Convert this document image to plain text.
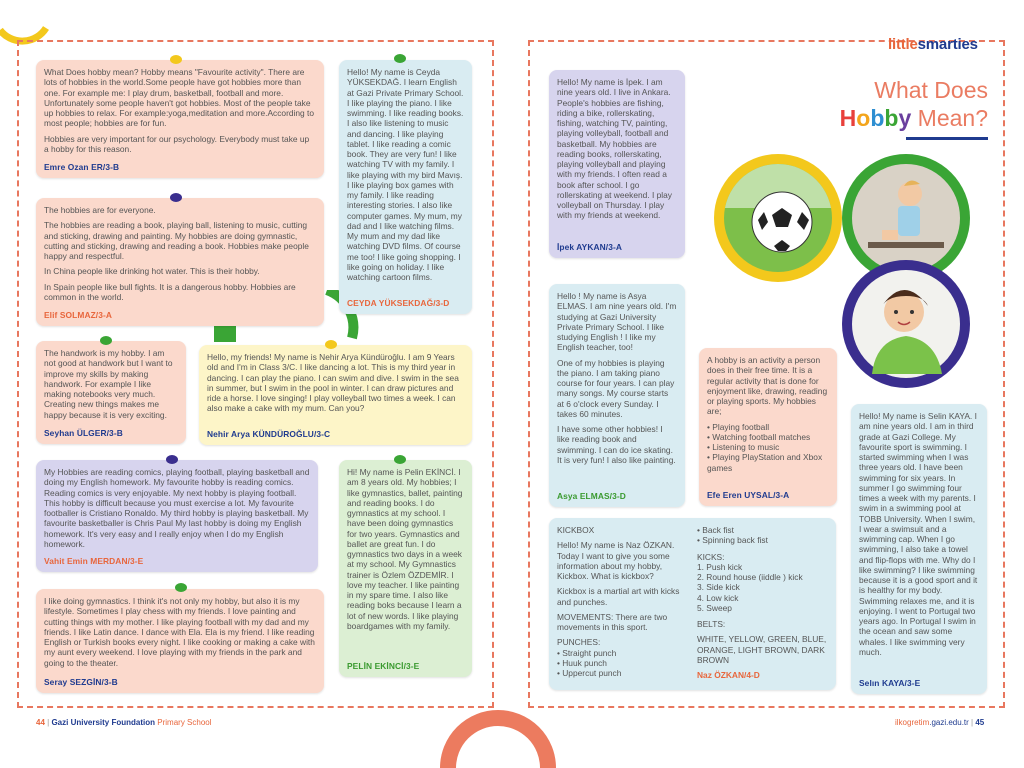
What Does hobby mean? Hobby means "Favourite activity". There are lots of hobbies in the world.Some people have got hobbies more than one. For example me: I play drum, basketball, football and more. Unfortunately some people haven't got hobbies. Most of the people take up hobbies to relax. For example:yoga,meditation and more.According to most people; hobbies are for fun.

Hobbies are very important for our psychology. Everybody must take up a hobby for this reason.

Emre Ozan ER/3-B

The hobbies are for everyone.

The hobbies are reading a book, playing ball, listening to music, cutting and sticking, drawing and painting. My hobbies are doing gymnastic, cutting and sticking, drawing and reading a book. Hobbies make people happy and respectful.

In China people like drinking hot water. This is their hobby.

In Spain people like bull fights. It is a dangerous hobby. Hobbies are common in the world.

Elif SOLMAZ/3-A

Hello! My name is Ceyda YÜKSEKDAĞ. I learn English at Gazi Private Primary School. I like playing the piano. I like swimming. I like reading books. I also like listening to music and dancing. I like playing tablet. I like reading a comic book. They are very fun! I like watching TV with my family. I like playing with my bird Mavış. I like playing box games with my family. I like reading interesting stories. I also like computer games. My mum, my dad and I like watching films. My mum and my dad like watching DVD films. Of course me too! I like going shopping. I like going on holiday. I like watching cartoon films.

CEYDA YÜKSEKDAĞ/3-D

The handwork is my hobby. I am not good at handwork but I want to improve my skills by making handwork. For example I like making notebooks very much. Creating new things makes me happy because it is very exciting.

Seyhan ÜLGER/3-B

Hello, my friends! My name is Nehir Arya Kündüroğlu. I am 9 Years old and I'm in Class 3/C. I like dancing a lot. This is my third year in dancing. I can play the piano. I can swim and dive. I swim in the sea in summer, but I swim in the pool in winter. I can draw pictures and ride a horse. I love singing! I play volleyball two times a week. I can also make a cake with my mum. Can you?

Nehir Arya KÜNDÜROĞLU/3-C

My Hobbies are reading comics, playing football, playing basketball and doing my English homework. My favourite hobby is reading comics. Reading comics is very enjoyable. My next hobby is playing football. This hobby is difficult because you must exercise a lot. My favourite footballer is Cristiano Ronaldo. My third hobby is playing basketball. My favourite basketballer is Chris Paul My last hobby is doing my English homework. It's very easy and I really enjoy when I do my English homework.

Vahit Emin MERDAN/3-E

Hi! My name is Pelin EKİNCİ. I am 8 years old. My hobbies; I like gymnastics, ballet, painting and reading books. I do gymnastics at my school. I have been doing gymnastics for two years. Gymnastics and ballet are great fun. I do gymnastics two days in a week at my school. My Gymnastics trainer is Özlem ÖZDEMİR. I love my teacher. I like painting in my spare time. I also like reading boks because I learn a lot of new words. I like playing boardgames with my family.

PELİN EKİNCİ/3-E

I like doing gymnastics. I think it's not only my hobby, but also it is my lifestyle. Sometimes I play chess with my friends. I love painting and cutting things with my mother. I like playing football with my dad and my friends. I like Latin dance. I dance with Ela. Ela is my friend. I like reading English or Turkish books every night. I like cooking or making a cake with my aunt every weekend. I love playing with my friends in the park and going to the theater.

Seray SEZGİN/3-B
littlesmarties
What Does
Hobby Mean?

Hello! My name is İpek. I am nine years old. I live in Ankara. People's hobbies are fishing, riding a bike, rollerskating, fishing, watching TV, painting, playing volleyball, football and basketball. My hobbies are reading books, rollerskating, playing volleyball and playing with my friends. I often read a book after school. I go rollerskating at weekend. I play volleyball on Thursday. I play with my friends at weekend.

İpek AYKAN/3-A

Hello ! My name is Asya ELMAS. I am nine years old. I'm studying at Gazi University Private Primary School. I like studying English ! I like my English teacher, too!

One of my hobbies is playing the piano. I am taking piano course for four years. I can play many songs. My course starts at 6 o'clock every Sunday. I takes 60 minutes.

I have some other hobbies! I like reading book and swimming. I can do ice skating. It is very fun! I also like painting.

Asya ELMAS/3-D

A hobby is an activity a person does in their free time. It is a regular activity that is done for enjoyment like, drawing, reading or playing sports. My hobbies are;

• Playing football
• Watching football matches
• Listening to music
• Playing PlayStation and Xbox games
Efe Eren UYSAL/3-A

KICKBOX

Hello! My name is Naz ÖZKAN. Today I want to give you some information about my hobby, Kickbox. What is kickbox?

Kickbox is a martial art with kicks and punches.

MOVEMENTS: There are two movements in this sport.

PUNCHES:
• Straight punch
• Huuk punch
• Uppercut punch
• Back fist
• Spinning back fist
KICKS:
1. Push kick
2. Round house (iiddle ) kick
3. Side kick
4. Low kick
5. Sweep
BELTS:

WHITE, YELLOW, GREEN, BLUE, ORANGE, LIGHT BROWN, DARK BROWN

Naz ÖZKAN/4-D

Hello! My name is Selin KAYA. I am nine years old. I am in third grade at Gazi College. My favourite sport is swimming. I started swimming when I was three years old. I have been swimming for six years. In summer I go swimming four times a week with my parents. I swim in a swimming pool at TOBB University. When I swim, I wear a swimsuit and a swimming cap. When I go swimming, I also take a towel and flip-flops with me. Why do I like swimming? I like swimming because it is a good sport and it is healthy for my body. Swimming relaxes me, and it is enjoying. I went to Portugal two years ago. In Portugal I swim in the ocean and saw some whales. I like swimming very much.

Selın KAYA/3-E
44 | Gazi University Foundation Primary School	ilkogretim.gazi.edu.tr | 45
